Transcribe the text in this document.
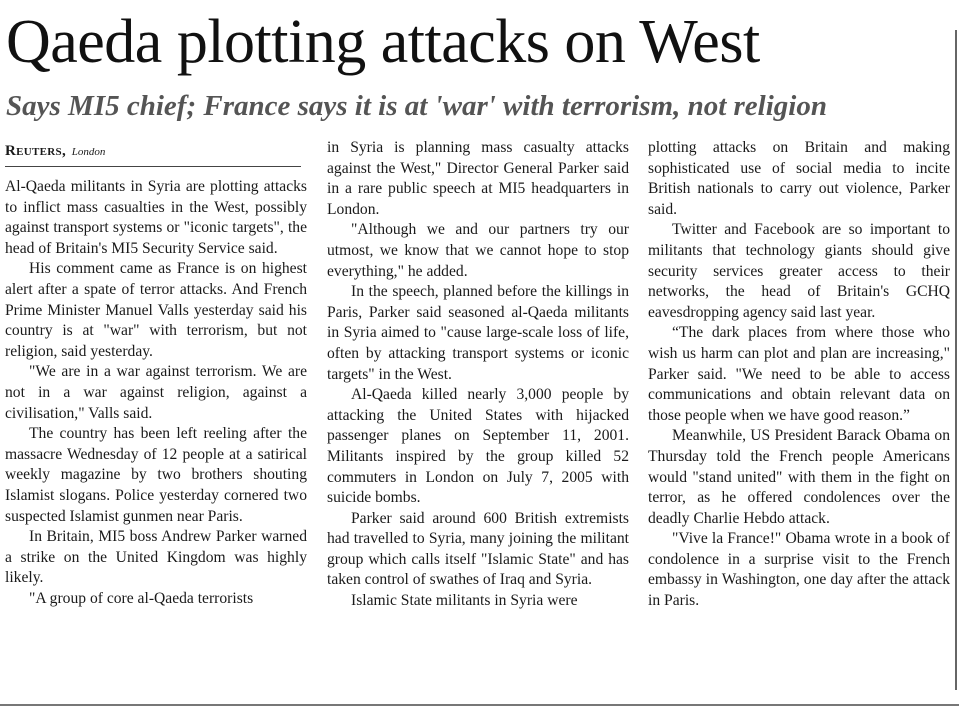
Qaeda plotting attacks on West
Says MI5 chief; France says it is at 'war' with terrorism, not religion
Reuters, London

Al-Qaeda militants in Syria are plotting attacks to inflict mass casualties in the West, possibly against transport systems or "iconic targets", the head of Britain's MI5 Security Service said.

His comment came as France is on highest alert after a spate of terror attacks. And French Prime Minister Manuel Valls yesterday said his country is at "war" with terrorism, but not religion, said yesterday.

"We are in a war against terrorism. We are not in a war against religion, against a civilisation," Valls said.

The country has been left reeling after the massacre Wednesday of 12 people at a satirical weekly magazine by two brothers shouting Islamist slogans. Police yesterday cornered two suspected Islamist gunmen near Paris.

In Britain, MI5 boss Andrew Parker warned a strike on the United Kingdom was highly likely.

"A group of core al-Qaeda terrorists

in Syria is planning mass casualty attacks against the West," Director General Parker said in a rare public speech at MI5 headquarters in London.

"Although we and our partners try our utmost, we know that we cannot hope to stop everything," he added.

In the speech, planned before the killings in Paris, Parker said seasoned al-Qaeda militants in Syria aimed to "cause large-scale loss of life, often by attacking transport systems or iconic targets" in the West.

Al-Qaeda killed nearly 3,000 people by attacking the United States with hijacked passenger planes on September 11, 2001. Militants inspired by the group killed 52 commuters in London on July 7, 2005 with suicide bombs.

Parker said around 600 British extremists had travelled to Syria, many joining the militant group which calls itself "Islamic State" and has taken control of swathes of Iraq and Syria.

Islamic State militants in Syria were

plotting attacks on Britain and making sophisticated use of social media to incite British nationals to carry out violence, Parker said.

Twitter and Facebook are so important to militants that technology giants should give security services greater access to their networks, the head of Britain's GCHQ eavesdropping agency said last year.

“The dark places from where those who wish us harm can plot and plan are increasing," Parker said. "We need to be able to access communications and obtain relevant data on those people when we have good reason.”

Meanwhile, US President Barack Obama on Thursday told the French people Americans would "stand united" with them in the fight on terror, as he offered condolences over the deadly Charlie Hebdo attack.

"Vive la France!" Obama wrote in a book of condolence in a surprise visit to the French embassy in Washington, one day after the attack in Paris.
